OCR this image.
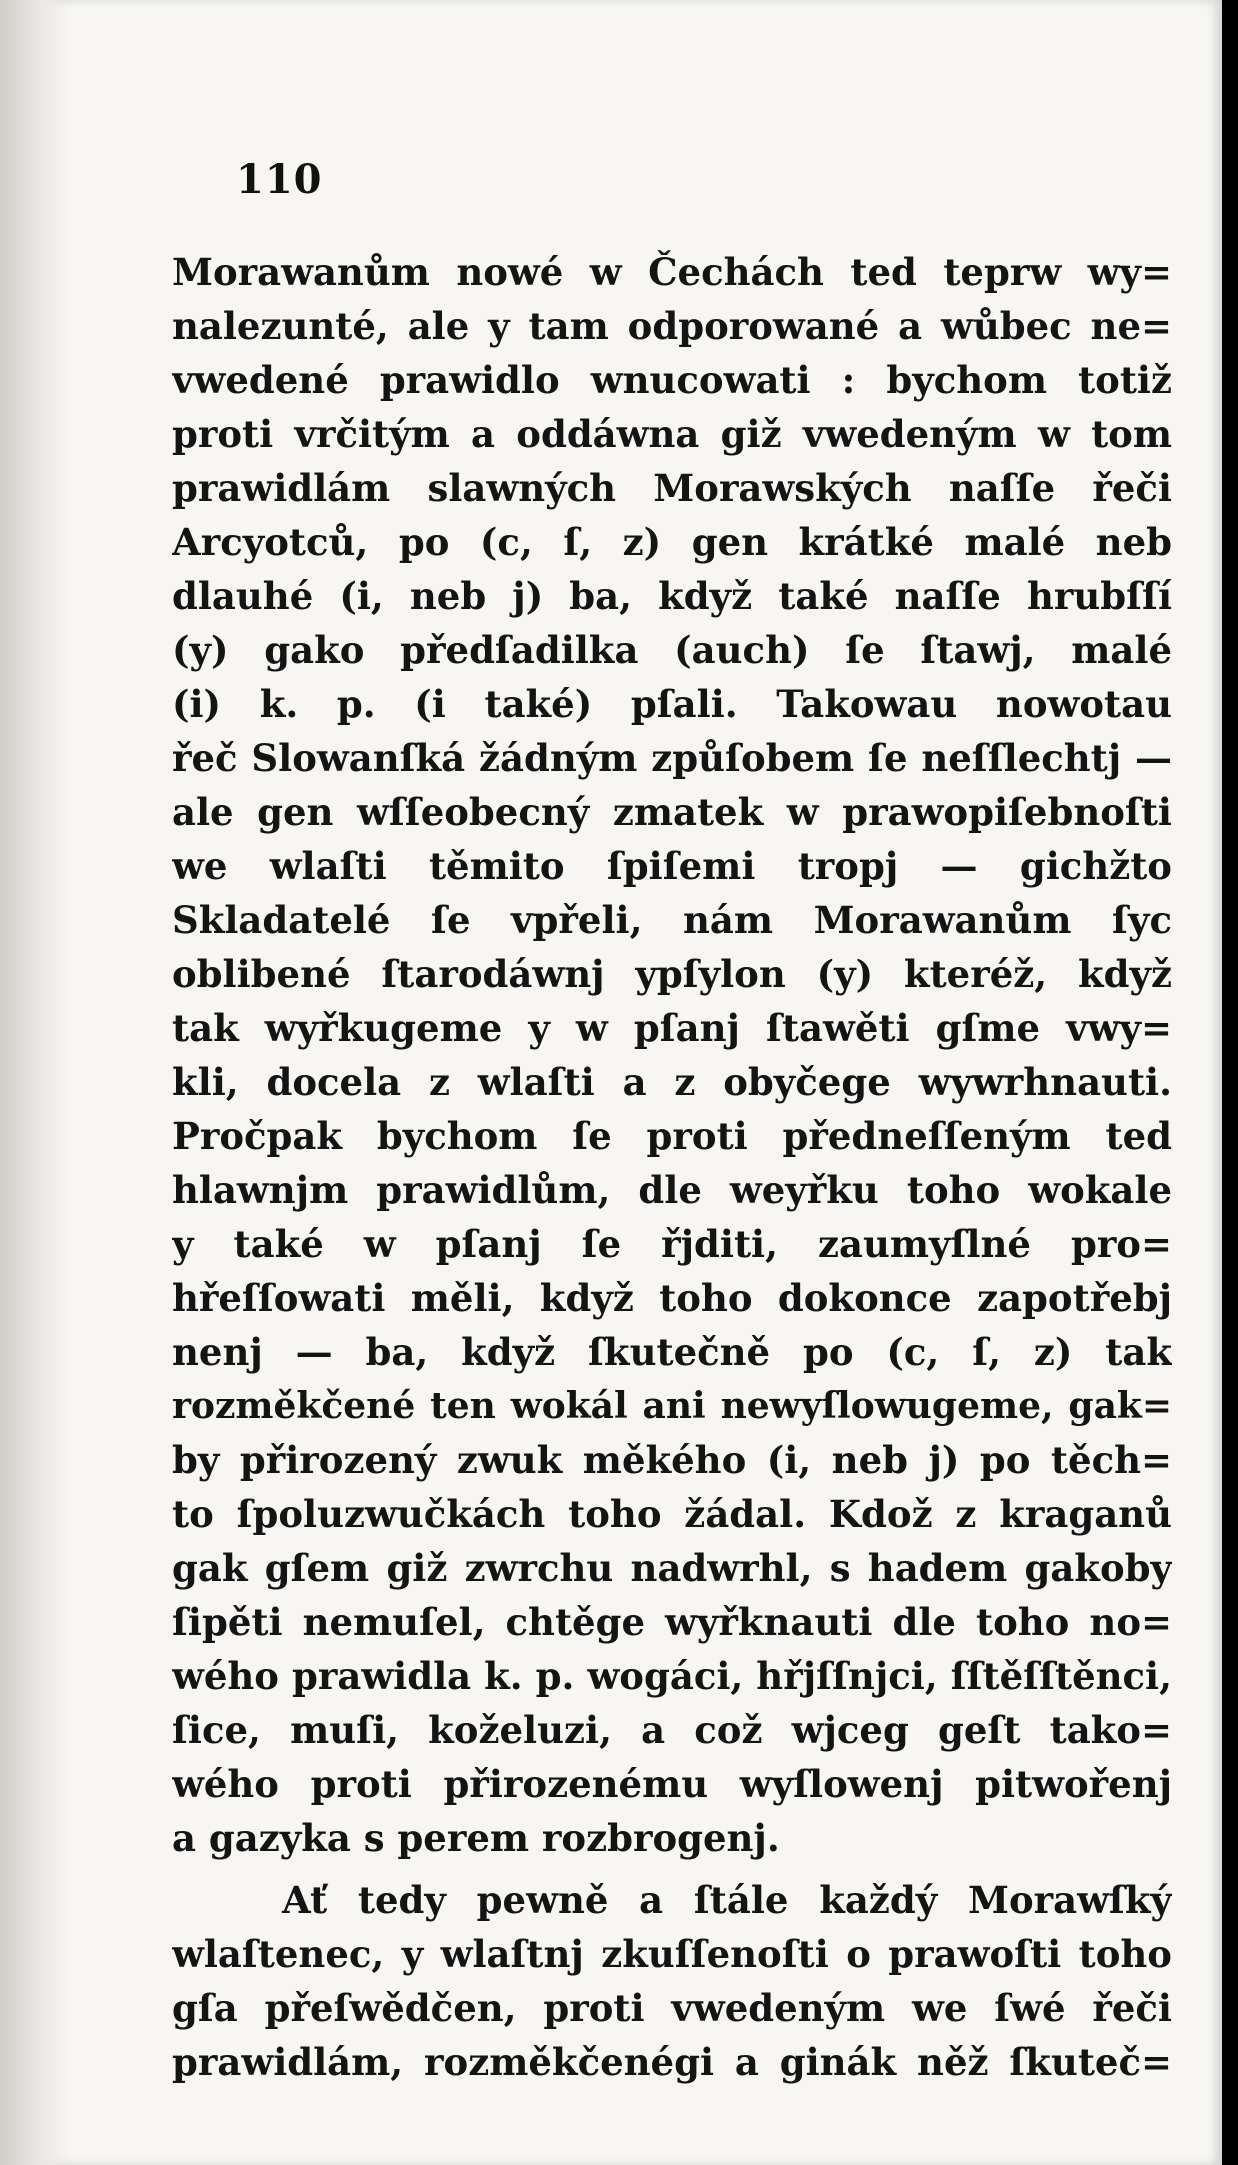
110
Morawanům nowé w Čechách ted teprw wy=
nalezunté, ale y tam odporowané a wůbec ne=
vwedené prawidlo wnucowati : bychom totiž
proti vrčitým a oddáwna giž vwedeným w tom
prawidlám slawných Morawských naſſe řeči
Arcyotců, po (c, ſ, z) gen krátké malé neb
dlauhé (i, neb j) ba, když také naſſe hrubſſí
(y) gako předſadilka (auch) ſe ſtawj, malé
(i) k. p. (i také) pſali. Takowau nowotau
řeč Slowanſká žádným způſobem ſe neſſlechtj —
ale gen wſſeobecný zmatek w prawopiſebnoſti
we wlaſti těmito ſpiſemi tropj — gichžto
Skladatelé ſe vpřeli, nám Morawanům ſyc
oblibené ſtarodáwnj ypſylon (y) kteréž, když
tak wyřkugeme y w pſanj ſtawěti gſme vwy=
kli, docela z wlaſti a z obyčege wywrhnauti.
Pročpak bychom ſe proti předneſſeným ted
hlawnjm prawidlům, dle weyřku toho wokale
y také w pſanj ſe řjditi, zaumyſlné pro=
hřeſſowati měli, když toho dokonce zapotřebj
nenj — ba, když ſkutečně po (c, ſ, z) tak
rozměkčené ten wokál ani newyſlowugeme, gak=
by přirozený zwuk měkého (i, neb j) po těch=
to ſpoluzwučkách toho žádal. Kdož z kraganů
gak gſem giž zwrchu nadwrhl, s hadem gakoby
ſipěti nemuſel, chtěge wyřknauti dle toho no=
wého prawidla k. p. wogáci, hřjſſnjci, ſſtěſſtěnci,
ſice, muſi, koželuzi, a což wjceg geſt tako=
wého proti přirozenému wyſlowenj pitwořenj
a gazyka s perem rozbrogenj.
Ať tedy pewně a ſtále každý Morawſký
wlaſtenec, y wlaſtnj zkuſſenoſti o prawoſti toho
gſa přeſwědčen, proti vwedeným we ſwé řeči
prawidlám, rozměkčenégi a ginák něž ſkuteč=
